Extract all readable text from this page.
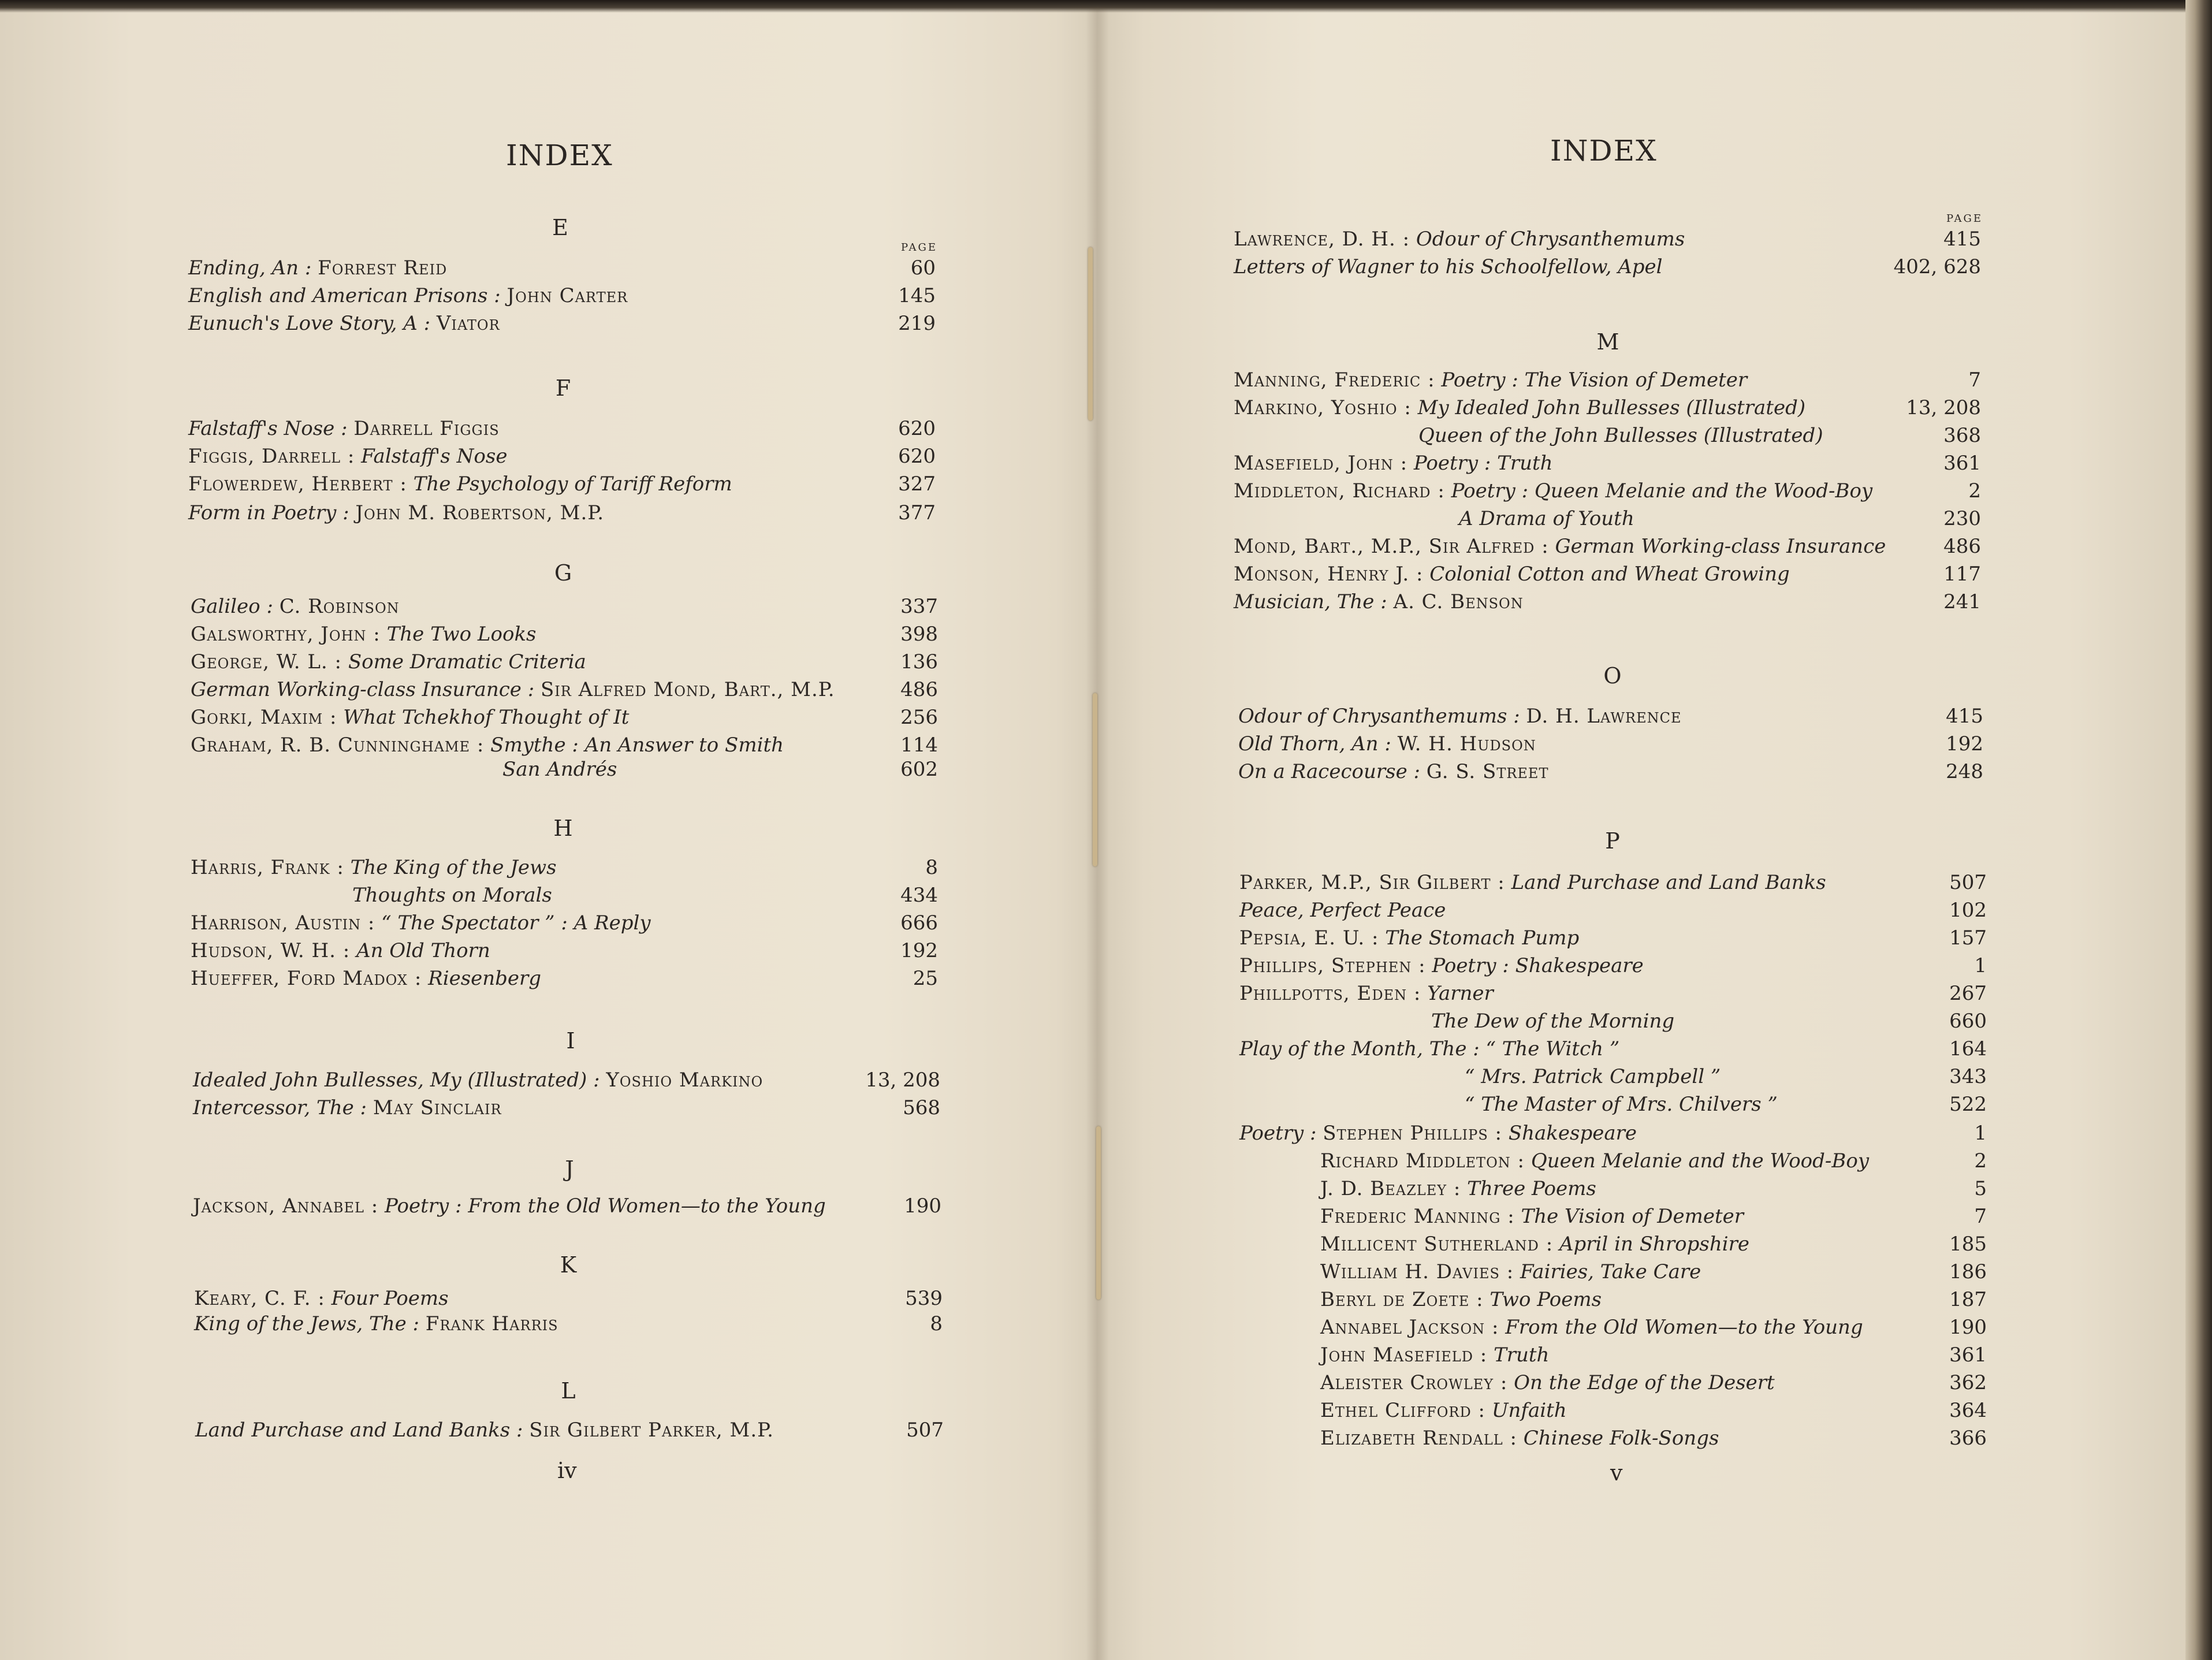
INDEX
PAGE
E
Ending, An : Forrest Reid	60
English and American Prisons : John Carter	145
Eunuch's Love Story, A : Viator	219
F
Falstaff's Nose : Darrell Figgis	620
Figgis, Darrell : Falstaff's Nose	620
Flowerdew, Herbert : The Psychology of Tariff Reform	327
Form in Poetry : John M. Robertson, M.P.	377
G
Galileo : C. Robinson	337
Galsworthy, John : The Two Looks	398
George, W. L. : Some Dramatic Criteria	136
German Working-class Insurance : Sir Alfred Mond, Bart., M.P.	486
Gorki, Maxim : What Tchekhof Thought of It	256
Graham, R. B. Cunninghame : Smythe : An Answer to Smith	114
San Andrés	602
H
Harris, Frank : The King of the Jews	8
Thoughts on Morals	434
Harrison, Austin : “ The Spectator ” : A Reply	666
Hudson, W. H. : An Old Thorn	192
Hueffer, Ford Madox : Riesenberg	25
I
Idealed John Bullesses, My (Illustrated) : Yoshio Markino	13, 208
Intercessor, The : May Sinclair	568
J
Jackson, Annabel : Poetry : From the Old Women—to the Young	190
K
Keary, C. F. : Four Poems	539
King of the Jews, The : Frank Harris	8
L
Land Purchase and Land Banks : Sir Gilbert Parker, M.P.	507
iv
INDEX
PAGE
Lawrence, D. H. : Odour of Chrysanthemums	415
Letters of Wagner to his Schoolfellow, Apel	402, 628
M
Manning, Frederic : Poetry : The Vision of Demeter	7
Markino, Yoshio : My Idealed John Bullesses (Illustrated)	13, 208
Queen of the John Bullesses (Illustrated)	368
Masefield, John : Poetry : Truth	361
Middleton, Richard : Poetry : Queen Melanie and the Wood-Boy	2
A Drama of Youth	230
Mond, Bart., M.P., Sir Alfred : German Working-class Insurance	486
Monson, Henry J. : Colonial Cotton and Wheat Growing	117
Musician, The : A. C. Benson	241
O
Odour of Chrysanthemums : D. H. Lawrence	415
Old Thorn, An : W. H. Hudson	192
On a Racecourse : G. S. Street	248
P
Parker, M.P., Sir Gilbert : Land Purchase and Land Banks	507
Peace, Perfect Peace	102
Pepsia, E. U. : The Stomach Pump	157
Phillips, Stephen : Poetry : Shakespeare	1
Phillpotts, Eden : Yarner	267
The Dew of the Morning	660
Play of the Month, The : “ The Witch ”	164
“ Mrs. Patrick Campbell ”	343
“ The Master of Mrs. Chilvers ”	522
Poetry : Stephen Phillips : Shakespeare	1
Richard Middleton : Queen Melanie and the Wood-Boy	2
J. D. Beazley : Three Poems	5
Frederic Manning : The Vision of Demeter	7
Millicent Sutherland : April in Shropshire	185
William H. Davies : Fairies, Take Care	186
Beryl de Zoete : Two Poems	187
Annabel Jackson : From the Old Women—to the Young	190
John Masefield : Truth	361
Aleister Crowley : On the Edge of the Desert	362
Ethel Clifford : Unfaith	364
Elizabeth Rendall : Chinese Folk-Songs	366
v
